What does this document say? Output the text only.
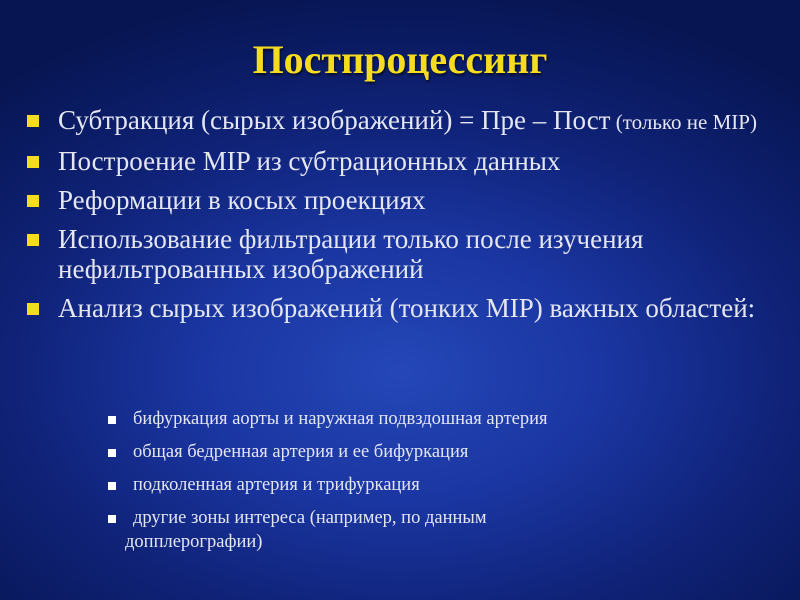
Постпроцессинг
Субтракция (сырых изображений) = Пре – Пост (только не MIP)
Построение MIP из субтрационных данных
Реформации в косых проекциях
Использование фильтрации только после изучения нефильтрованных изображений
Анализ сырых изображений (тонких MIP) важных областей:
бифуркация аорты и наружная подвздошная артерия
общая бедренная артерия и ее бифуркация
подколенная артерия и трифуркация
другие зоны интереса (например, по данным
допплерографии)
